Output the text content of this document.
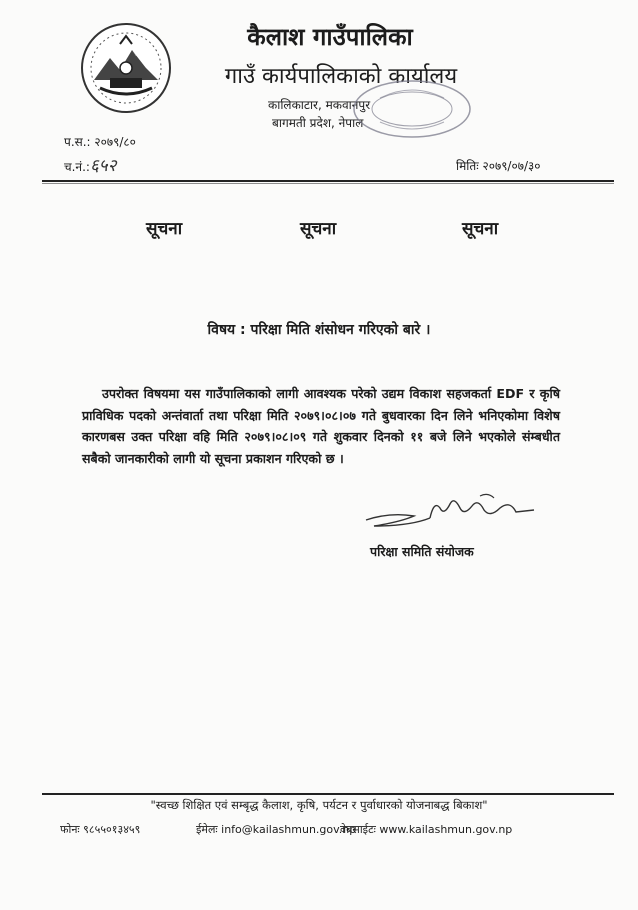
कैलाश गाउँपालिका
गाउँ कार्यपालिकाको कार्यालय
कालिकाटार, मकवानपुर
बागमती प्रदेश, नेपाल
प.स.: २०७९/८०
च.नं.:६५२	मितिः २०७९/०७/३०
सूचना	सूचना	सूचना
विषय : परिक्षा मिति शंसोधन गरिएको बारे ।
उपरोक्त विषयमा यस गाउँपालिकाको लागी आवश्यक परेको उद्यम विकाश सहजकर्ता EDF र कृषि प्राविधिक पदको अन्तंवार्ता तथा परिक्षा मिति २०७९।०८।०७ गते बुधवारका दिन लिने भनिएकोमा विशेष कारणबस उक्त परिक्षा वहि मिति २०७९।०८।०९ गते शुकवार दिनको ११ बजे लिने भएकोले संम्बधीत सबैको जानकारीको लागी यो सूचना प्रकाशन गरिएको छ ।
परिक्षा समिति संयोजक
"स्वच्छ शिक्षित एवं सम्बृद्ध कैलाश, कृषि, पर्यटन र पुर्वाधारको योजनाबद्ध बिकाश"
फोनः ९८५५०१३४५९	ईमेलः info@kailashmun.gov.np
वेबसाईटः www.kailashmun.gov.np
